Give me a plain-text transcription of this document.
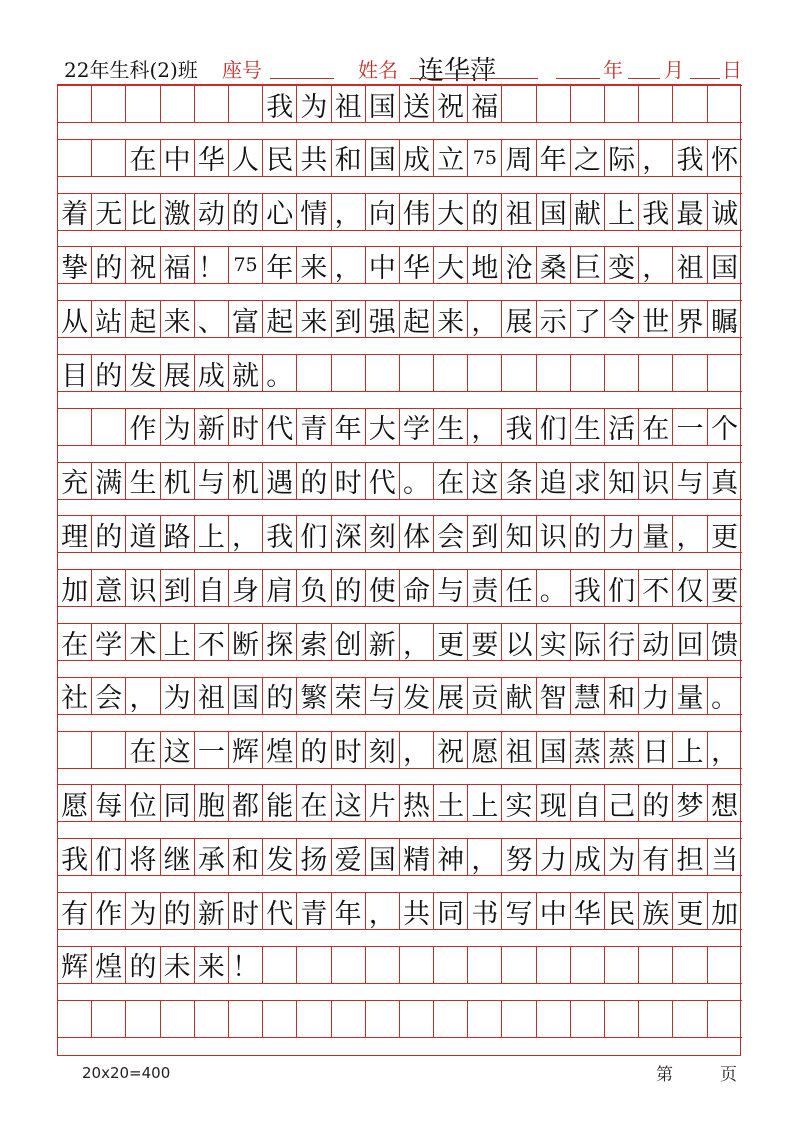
22年生科(2)班 座号	姓名 连华萍	年 月 日
我 为 祖 国 送 祝 福
在 中 华 人 民 共 和 国 成 立 75 周 年 之 际 ， 我 怀
着 无 比 激 动 的 心 情 ， 向 伟 大 的 祖 国 献 上 我 最 诚
挚 的 祝 福 ！ 75 年 来 ， 中 华 大 地 沧 桑 巨 变 ， 祖 国
从 站 起 来 、 富 起 来 到 强 起 来 ， 展 示 了 令 世 界 瞩
目 的 发 展 成 就 。
作 为 新 时 代 青 年 大 学 生 ， 我 们 生 活 在 一 个
充 满 生 机 与 机 遇 的 时 代 。 在 这 条 追 求 知 识 与 真
理 的 道 路 上 ， 我 们 深 刻 体 会 到 知 识 的 力 量 ， 更
加 意 识 到 自 身 肩 负 的 使 命 与 责 任 。 我 们 不 仅 要
在 学 术 上 不 断 探 索 创 新 ， 更 要 以 实 际 行 动 回 馈
社 会 ， 为 祖 国 的 繁 荣 与 发 展 贡 献 智 慧 和 力 量 。
在 这 一 辉 煌 的 时 刻 ， 祝 愿 祖 国 蒸 蒸 日 上 ，
愿 每 位 同 胞 都 能 在 这 片 热 土 上 实 现 自 己 的 梦 想
我 们 将 继 承 和 发 扬 爱 国 精 神 ， 努 力 成 为 有 担 当
有 作 为 的 新 时 代 青 年 ， 共 同 书 写 中 华 民 族 更 加
辉 煌 的 未 来 ！
20x20=400	第	页
